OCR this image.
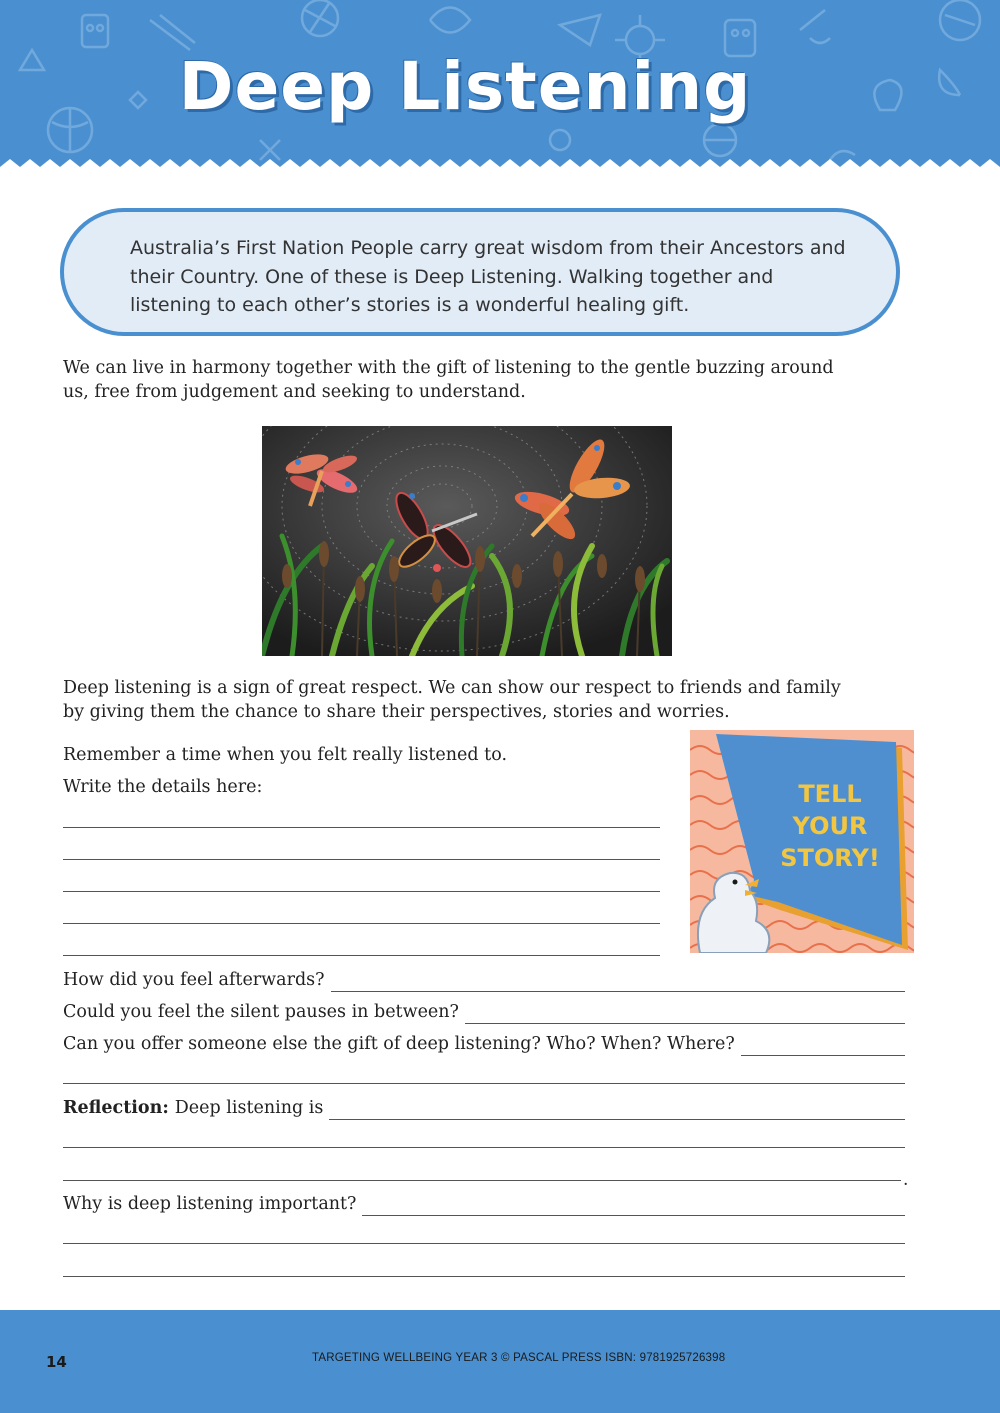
Deep Listening
Australia’s First Nation People carry great wisdom from their Ancestors and their Country. One of these is Deep Listening. Walking together and listening to each other’s stories is a wonderful healing gift.
We can live in harmony together with the gift of listening to the gentle buzzing around us, free from judgement and seeking to understand.
Deep listening is a sign of great respect. We can show our respect to friends and family by giving them the chance to share their perspectives, stories and worries.
Remember a time when you felt really listened to.
Write the details here:	TELL
YOUR
STORY!
How did you feel afterwards?
Could you feel the silent pauses in between?
Can you offer someone else the gift of deep listening? Who? When? Where?
Reflection: Deep listening is
.
Why is deep listening important?
14	TARGETING WELLBEING YEAR 3 © PASCAL PRESS ISBN: 9781925726398
